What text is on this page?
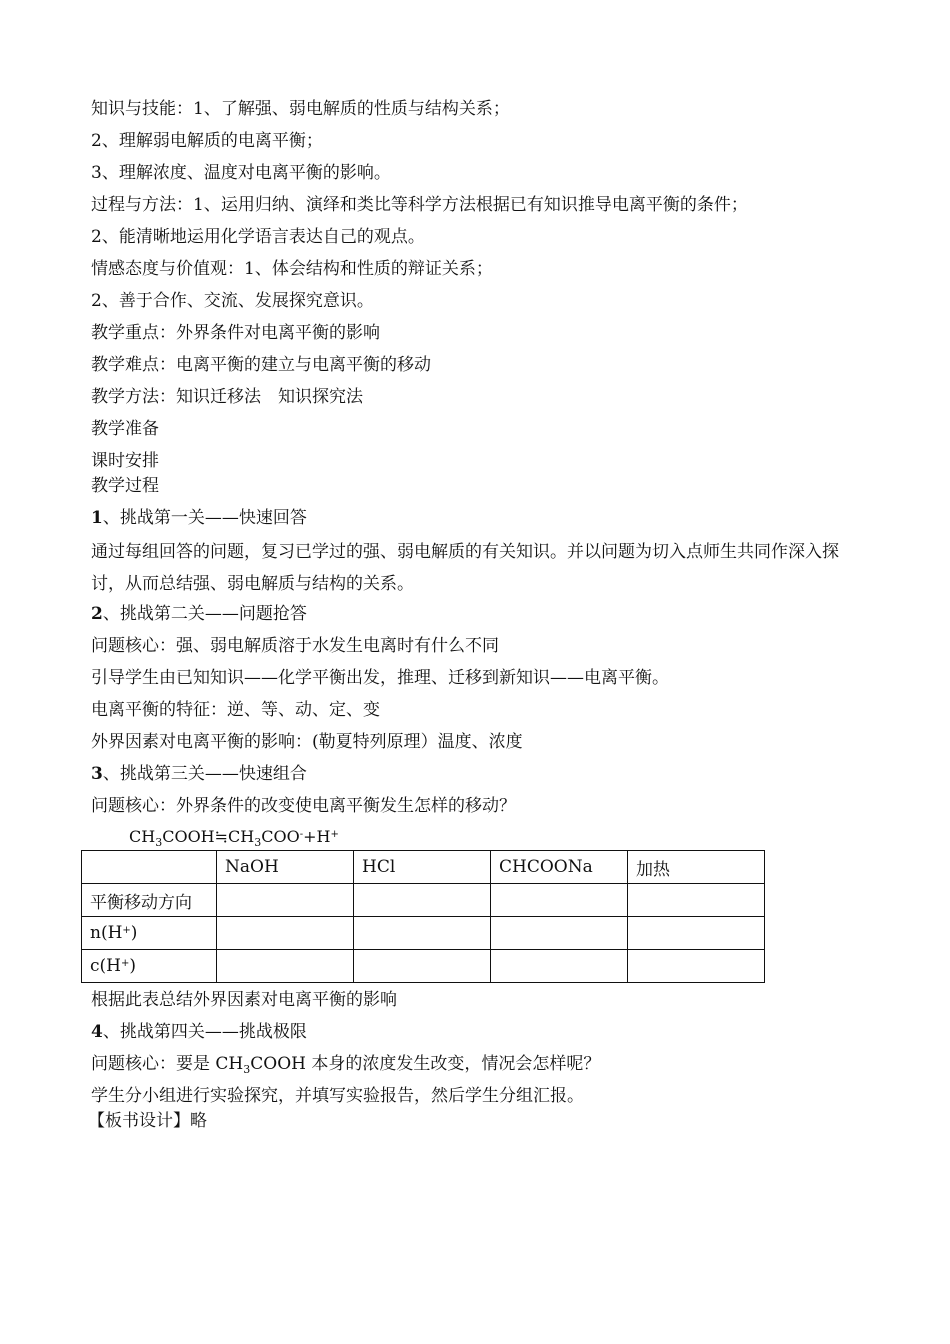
知识与技能：1、了解强、弱电解质的性质与结构关系；
2、理解弱电解质的电离平衡；
3、理解浓度、温度对电离平衡的影响。
过程与方法：1、运用归纳、演绎和类比等科学方法根据已有知识推导电离平衡的条件；
2、能清晰地运用化学语言表达自己的观点。
情感态度与价值观：1、体会结构和性质的辩证关系；
2、善于合作、交流、发展探究意识。
教学重点：外界条件对电离平衡的影响
教学难点：电离平衡的建立与电离平衡的移动
教学方法：知识迁移法　知识探究法
教学准备
课时安排
教学过程
1、挑战第一关——快速回答
通过每组回答的问题，复习已学过的强、弱电解质的有关知识。并以问题为切入点师生共同作深入探讨，从而总结强、弱电解质与结构的关系。
2、挑战第二关——问题抢答
问题核心：强、弱电解质溶于水发生电离时有什么不同
引导学生由已知知识——化学平衡出发，推理、迁移到新知识——电离平衡。
电离平衡的特征：逆、等、动、定、变
外界因素对电离平衡的影响：(勒夏特列原理）温度、浓度
3、挑战第三关——快速组合
问题核心：外界条件的改变使电离平衡发生怎样的移动？
$CH_3COOH≒CH_3COO^-+H^+$
	NaOH	HCl	CHCOONa	加热
平衡移动方向				
n(H+)				
c(H+)				
根据此表总结外界因素对电离平衡的影响
4、挑战第四关——挑战极限
问题核心：要是 $CH_3COOH$ 本身的浓度发生改变，情况会怎样呢？
学生分小组进行实验探究，并填写实验报告，然后学生分组汇报。
【板书设计】略
